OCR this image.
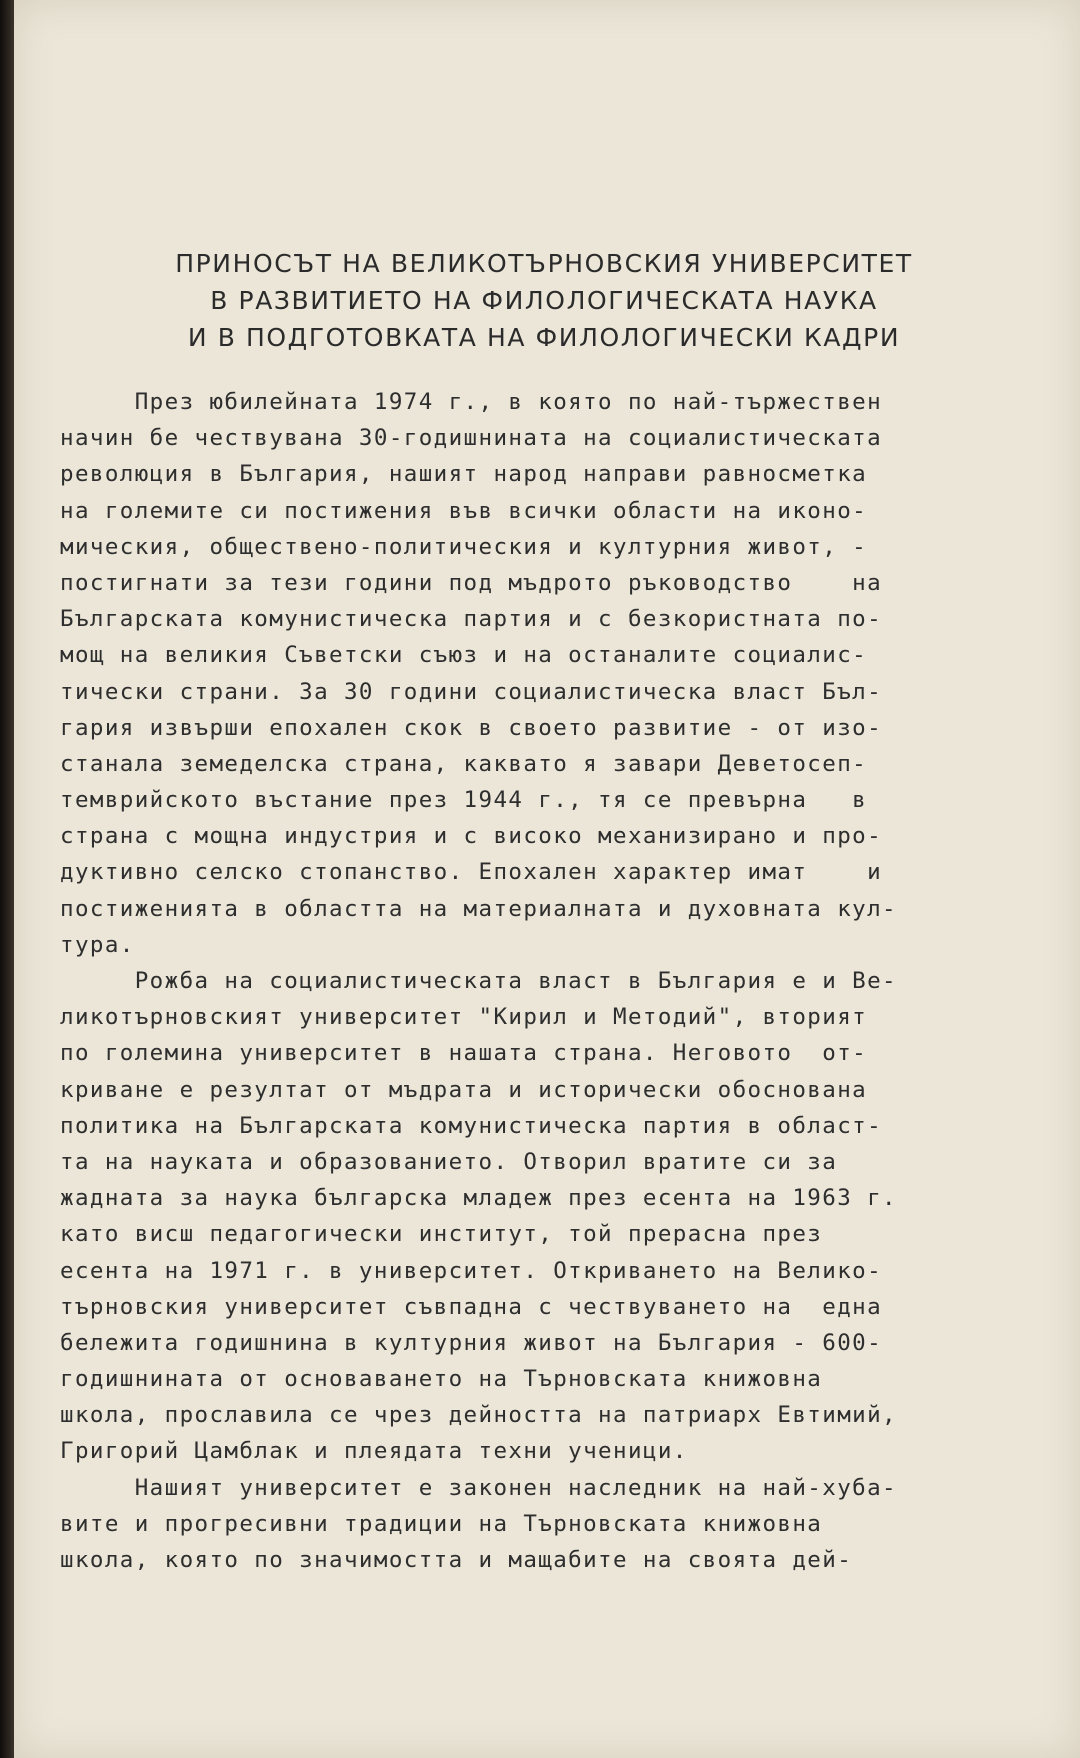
ПРИНОСЪТ НА ВЕЛИКОТЪРНОВСКИЯ УНИВЕРСИТЕТ
В РАЗВИТИЕТО НА ФИЛОЛОГИЧЕСКАТА НАУКА
И В ПОДГОТОВКАТА НА ФИЛОЛОГИЧЕСКИ КАДРИ
През юбилейната 1974 г., в която по най-тържествен
начин бе чествувана 30-годишнината на социалистическата
революция в България, нашият народ направи равносметка
на големите си постижения във всички области на иконо-
мическия, обществено-политическия и културния живот, -
постигнати за тези години под мъдрото ръководство    на
Българската комунистическа партия и с безкористната по-
мощ на великия Съветски съюз и на останалите социалис-
тически страни. За 30 години социалистическа власт Бъл-
гария извърши епохален скок в своето развитие - от изо-
станала земеделска страна, каквато я завари Деветосеп-
темврийското въстание през 1944 г., тя се превърна   в
страна с мощна индустрия и с високо механизирано и про-
дуктивно селско стопанство. Епохален характер имат    и
постиженията в областта на материалната и духовната кул-
тура.
Рожба на социалистическата власт в България е и Ве-
ликотърновският университет "Кирил и Методий", вторият
по големина университет в нашата страна. Неговото  от-
криване е резултат от мъдрата и исторически обоснована
политика на Българската комунистическа партия в област-
та на науката и образованието. Отворил вратите си за
жадната за наука българска младеж през есента на 1963 г.
като висш педагогически институт, той прерасна през
есента на 1971 г. в университет. Откриването на Велико-
търновския университет съвпадна с чествуването на  една
бележита годишнина в културния живот на България - 600-
годишнината от основаването на Търновската книжовна
школа, прославила се чрез дейността на патриарх Евтимий,
Григорий Цамблак и плеядата техни ученици.
Нашият университет е законен наследник на най-хуба-
вите и прогресивни традиции на Търновската книжовна
школа, която по значимостта и мащабите на своята дей-
